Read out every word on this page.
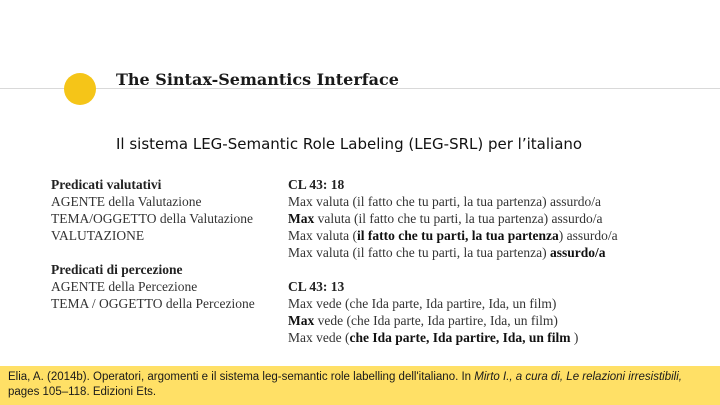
The Sintax-Semantics Interface
Il sistema LEG-Semantic Role Labeling (LEG-SRL) per l’italiano
Predicati valutativi
AGENTE della Valutazione
TEMA/OGGETTO della Valutazione
VALUTAZIONE
Predicati di percezione
AGENTE della Percezione
TEMA / OGGETTO della Percezione
CL 43: 18
Max valuta (il fatto che tu parti, la tua partenza) assurdo/a
Max valuta (il fatto che tu parti, la tua partenza) assurdo/a
Max valuta (il fatto che tu parti, la tua partenza) assurdo/a
Max valuta (il fatto che tu parti, la tua partenza) assurdo/a
CL 43: 13
Max vede (che Ida parte, Ida partire, Ida, un film)
Max vede (che Ida parte, Ida partire, Ida, un film)
Max vede (che Ida parte, Ida partire, Ida, un film )
Elia, A. (2014b). Operatori, argomenti e il sistema leg-semantic role labelling dell'italiano. In Mirto I., a cura di, Le relazioni irresistibili, pages 105–118. Edizioni Ets.
